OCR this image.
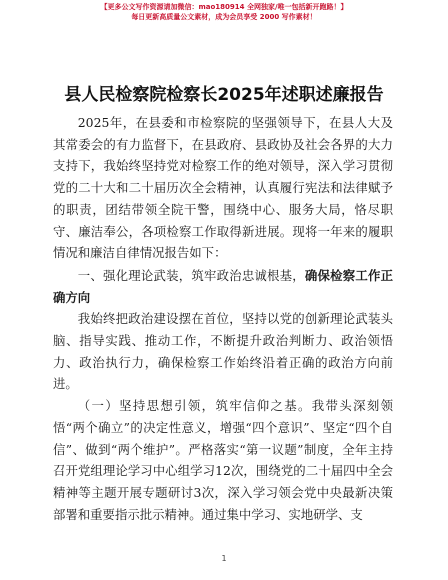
【更多公文写作资源请加微信：mao180914 全网独家/唯一包括新开跑路！】
每日更新高质量公文素材，成为会员享受 2000 写作素材！
县人民检察院检察长2025年述职述廉报告

2025年，在县委和市检察院的坚强领导下，在县人大及其常委会的有力监督下，在县政府、县政协及社会各界的大力支持下，我始终坚持党对检察工作的绝对领导，深入学习贯彻党的二十大和二十届历次全会精神，认真履行宪法和法律赋予的职责，团结带领全院干警，围绕中心、服务大局，恪尽职守、廉洁奉公，各项检察工作取得新进展。现将一年来的履职情况和廉洁自律情况报告如下：

一、强化理论武装，筑牢政治忠诚根基，确保检察工作正确方向

我始终把政治建设摆在首位，坚持以党的创新理论武装头脑、指导实践、推动工作，不断提升政治判断力、政治领悟力、政治执行力，确保检察工作始终沿着正确的政治方向前进。

（一）坚持思想引领，筑牢信仰之基。我带头深刻领悟“两个确立”的决定性意义，增强“四个意识”、坚定“四个自信”、做到“两个维护”。严格落实“第一议题”制度，全年主持召开党组理论学习中心组学习12次，围绕党的二十届四中全会精神等主题开展专题研讨3次，深入学习领会党中央最新决策部署和重要指示批示精神。通过集中学习、实地研学、支

1
